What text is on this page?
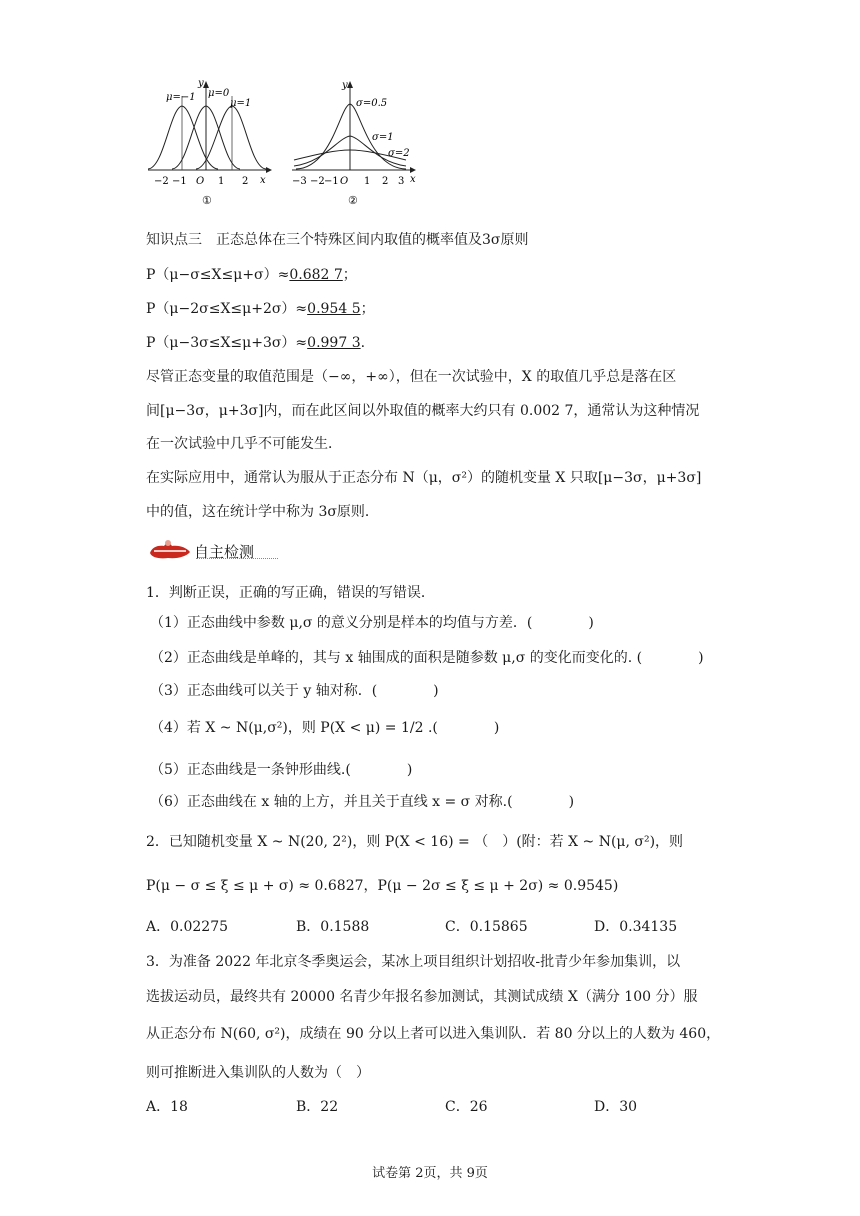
μ=−1 μ=0
μ=1
y
x
−2 −1 O 1 2
①
σ=0.5
σ=1
σ=2
y
x
−3 −2 −1 O 1 2 3
②
知识点三　正态总体在三个特殊区间内取值的概率值及3σ原则
P（μ−σ≤X≤μ+σ）≈0.682 7；
P（μ−2σ≤X≤μ+2σ）≈0.954 5；
P（μ−3σ≤X≤μ+3σ）≈0.997 3.
尽管正态变量的取值范围是（−∞，+∞），但在一次试验中，X 的取值几乎总是落在区
间[μ−3σ，μ+3σ]内，而在此区间以外取值的概率大约只有 0.002 7，通常认为这种情况
在一次试验中几乎不可能发生．
在实际应用中，通常认为服从于正态分布 N（μ，σ²）的随机变量 X 只取[μ−3σ，μ+3σ]
中的值，这在统计学中称为 3σ原则．
自主检测
1．判断正误，正确的写正确，错误的写错误．
（1）正态曲线中参数 μ,σ 的意义分别是样本的均值与方差．(　　　　)
（2）正态曲线是单峰的，其与 x 轴围成的面积是随参数 μ,σ 的变化而变化的. (　　　　)
（3）正态曲线可以关于 y 轴对称．(　　　　)
（4）若 X ~ N(μ,σ²)，则 P(X < μ) = 1/2 .(　　　　)
（5）正态曲线是一条钟形曲线.(　　　　)
（6）正态曲线在 x 轴的上方，并且关于直线 x = σ 对称.(　　　　)
2．已知随机变量 X ~ N(20, 2²)，则 P(X < 16) = （　）(附：若 X ~ N(μ, σ²)，则
P(μ − σ ≤ ξ ≤ μ + σ) ≈ 0.6827，P(μ − 2σ ≤ ξ ≤ μ + 2σ) ≈ 0.9545)
A．0.02275	B．0.1588	C．0.15865	D．0.34135
3．为准备 2022 年北京冬季奥运会，某冰上项目组织计划招收-批青少年参加集训，以
选拔运动员，最终共有 20000 名青少年报名参加测试，其测试成绩 X（满分 100 分）服
从正态分布 N(60, σ²)，成绩在 90 分以上者可以进入集训队．若 80 分以上的人数为 460，
则可推断进入集训队的人数为（　）
A．18	B．22	C．26	D．30
试卷第 2页，共 9页
